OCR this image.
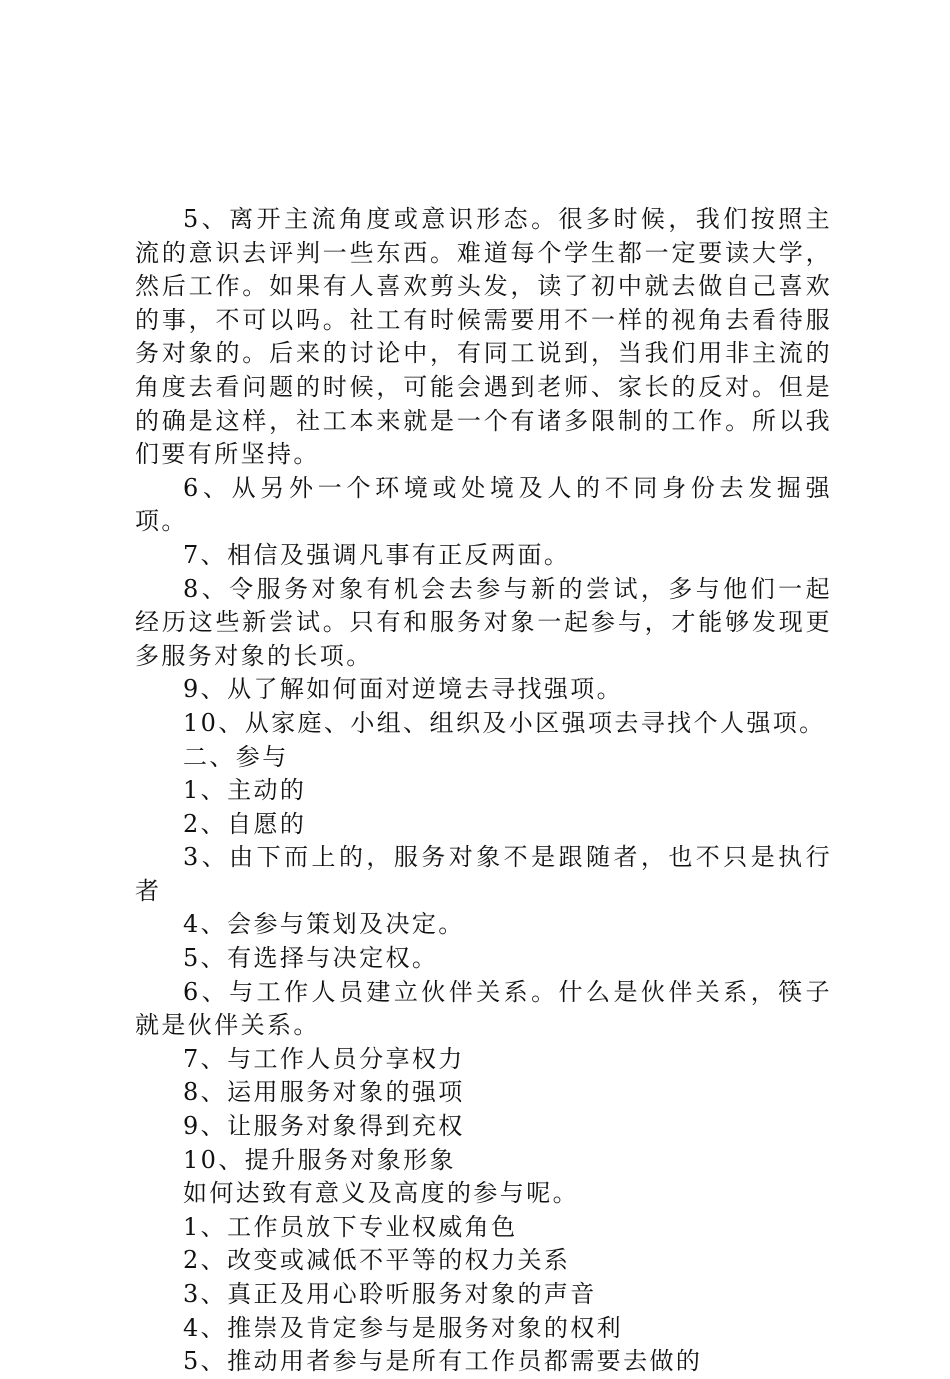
5、离开主流角度或意识形态。很多时候，我们按照主流的意识去评判一些东西。难道每个学生都一定要读大学，然后工作。如果有人喜欢剪头发，读了初中就去做自己喜欢的事，不可以吗。社工有时候需要用不一样的视角去看待服务对象的。后来的讨论中，有同工说到，当我们用非主流的角度去看问题的时候，可能会遇到老师、家长的反对。但是的确是这样，社工本来就是一个有诸多限制的工作。所以我们要有所坚持。

6、从另外一个环境或处境及人的不同身份去发掘强项。

7、相信及强调凡事有正反两面。

8、令服务对象有机会去参与新的尝试，多与他们一起经历这些新尝试。只有和服务对象一起参与，才能够发现更多服务对象的长项。

9、从了解如何面对逆境去寻找强项。

10、从家庭、小组、组织及小区强项去寻找个人强项。

二、参与

1、主动的

2、自愿的

3、由下而上的，服务对象不是跟随者，也不只是执行者

4、会参与策划及决定。

5、有选择与决定权。

6、与工作人员建立伙伴关系。什么是伙伴关系，筷子就是伙伴关系。

7、与工作人员分享权力

8、运用服务对象的强项

9、让服务对象得到充权

10、提升服务对象形象

如何达致有意义及高度的参与呢。

1、工作员放下专业权威角色

2、改变或减低不平等的权力关系

3、真正及用心聆听服务对象的声音

4、推崇及肯定参与是服务对象的权利

5、推动用者参与是所有工作员都需要去做的
